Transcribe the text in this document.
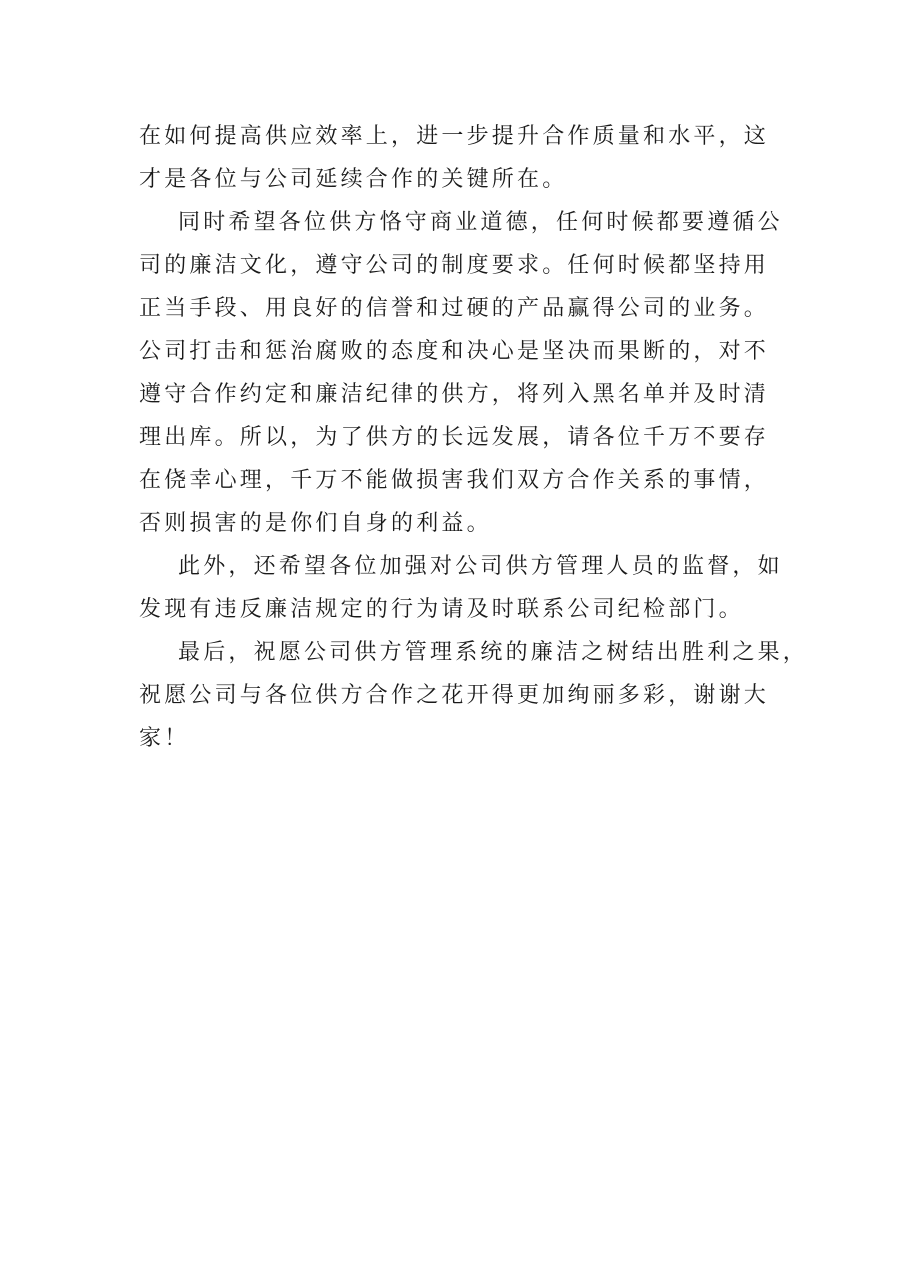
在如何提高供应效率上，进一步提升合作质量和水平，这
才是各位与公司延续合作的关键所在。
同时希望各位供方恪守商业道德，任何时候都要遵循公
司的廉洁文化，遵守公司的制度要求。任何时候都坚持用
正当手段、用良好的信誉和过硬的产品赢得公司的业务。
公司打击和惩治腐败的态度和决心是坚决而果断的，对不
遵守合作约定和廉洁纪律的供方，将列入黑名单并及时清
理出库。所以，为了供方的长远发展，请各位千万不要存
在侥幸心理，千万不能做损害我们双方合作关系的事情，
否则损害的是你们自身的利益。
此外，还希望各位加强对公司供方管理人员的监督，如
发现有违反廉洁规定的行为请及时联系公司纪检部门。
最后，祝愿公司供方管理系统的廉洁之树结出胜利之果，
祝愿公司与各位供方合作之花开得更加绚丽多彩，谢谢大
家！
